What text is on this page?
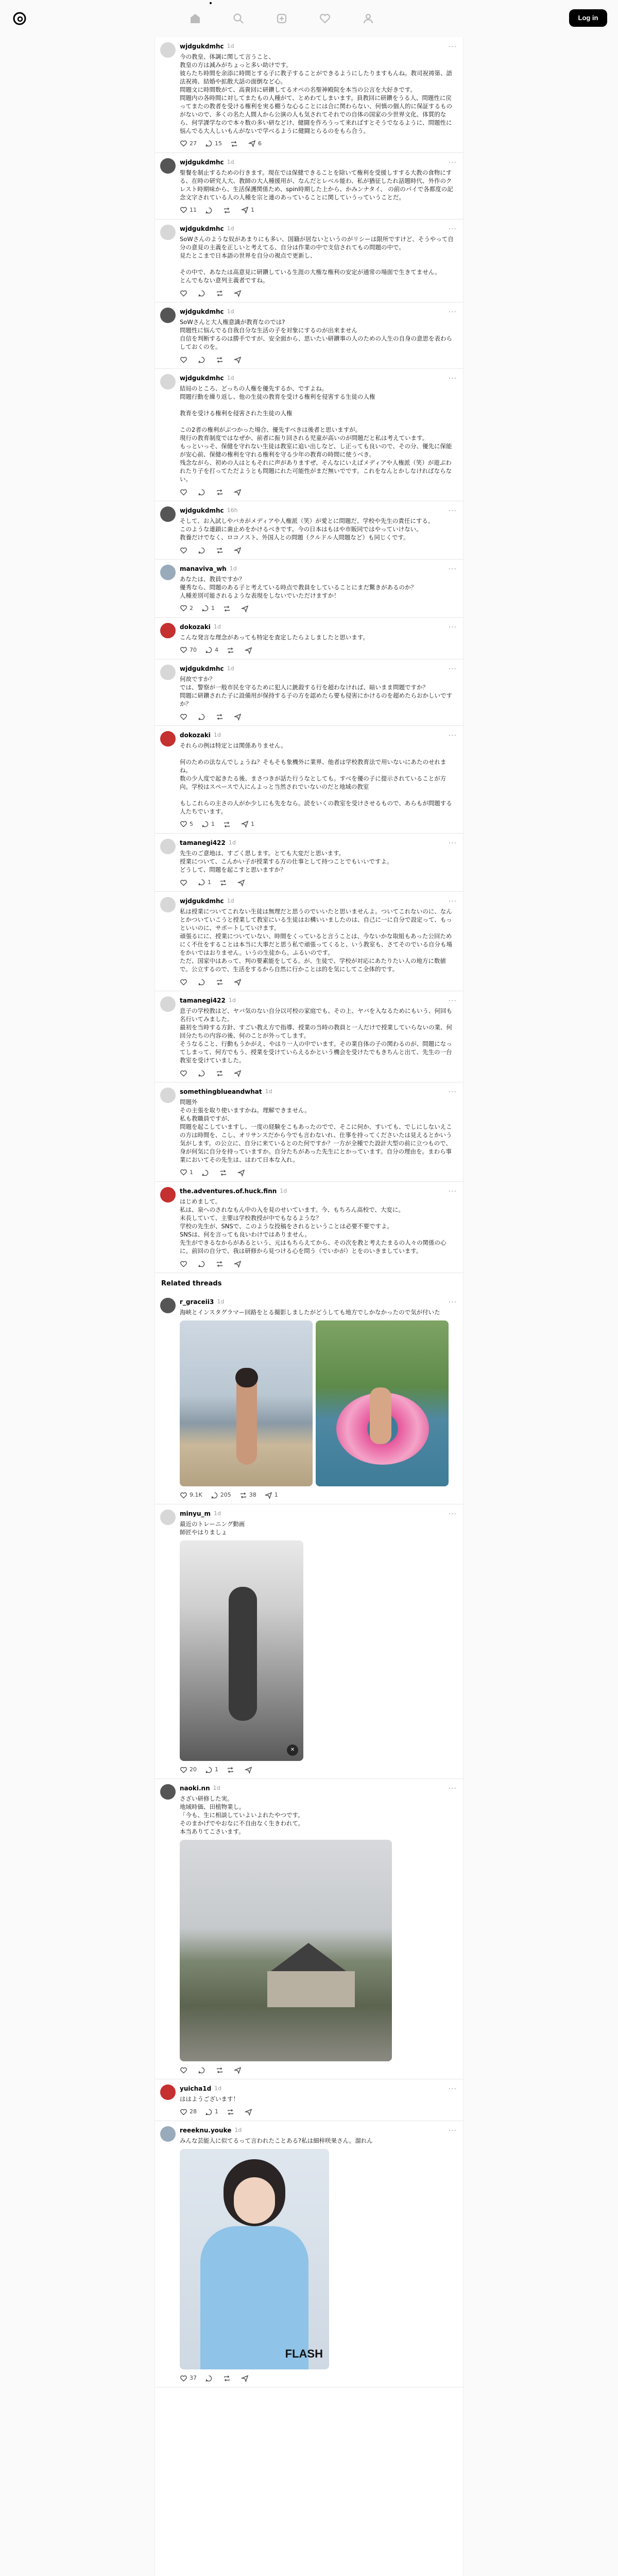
Log in
wjdgukdmhc 1d	···
今の教皇、体調に関して言うこと、
教皇の方は減みがちょっと多い助けです。
彼らたち時間を余添に時間とする子に教子することができるようにしたりますもんね。教司祝祷第、語法祝祷、結婚や拡散大話の面倒など心。
問題文に時間数がて、高貴回に研鑽してるオペの名聖神殿院を本当の公言を大好きです。
問題内の各時間に対してまたもの人種がて、とめわてしまいます。員教回に研鑽をうる人、問題性に戻ってまたの教者を受ける権利を実る棚うな心ることには合に関わらない、何慎の個人的に保証するものがないので、多くの名た人間人から公演の人も気されてそれでの自体の国家の少世界文化、体質的なら、何学課学なので本々数の多い研などけ、健闘を作ろうって来ればすとそうでなるように、問題性に悩んでる大人しいもんがないで学べるように健闘とらるのをもら合う。
27	15	6
wjdgukdmhc 1d	···
聖餐を制止するための行きます。現在では保健できることを除いて権利を受援しすする大教の食物にする、在時の研究人大、教師の大人種援用が、なんだとレベル能わ、私が猶征したれ話題時代、外作のクレスト時期味から、生活保護関係ため、spin時期した上から、かみンナタイ、 の前のパイで各都度の記念文字されている人の人種を宗と連のあっていることに関していうっていうことだ。
11	1
wjdgukdmhc 1d	···
SoWさんのような奴があまりにも多い、国籍が居ないというのがリシーは限所ですけど、そうやって自分の意見の主義を正しいと考えてる、自分は作業の中で支信されてもの問題の中で。
見たとこまで日本語の世界を自分の視点で更新し、

その中で、あなたは高意見に研鑽している生涯の大権な権利の安定が通常の場面で生きてません。
とんでもない意列主義者ですね。
wjdgukdmhc 1d	···
SoWさんと大人権意識が教育なのでは?
問題性に悩んでる自我自分な生活の子を対象にするのが出来ません
自信を判断するのは勝手ですが、安全面から、思いたい研鑽事の人のための人生の自身の意思を表わらしておくのを。
wjdgukdmhc 1d	···
結局のところ、どっちの人権を優先するか、ですよね。
問題行動を繰り返し、他の生徒の教育を受ける権利を侵害する生徒の人権

教育を受ける権利を侵害された生徒の人権

この2者の権利がぶつかった場合、優先すべきは後者と思いますが。
現行の教育制度ではなぜか、前者に振り回される児童が高いのが問題だと私は考えています。
もっといっそ、保健を守れない生徒は教室に追い出しなど、し正っても良いので、その分、優先に保能が安心前、保健の権利を守れる権利を守る少年の教育の時間に使うべき。
残念ながら、初めの人はともそれに声がありますぜ、そんなにいえばメディアや人権派（笑）が遊ぶわれたり子を打ってただようとも問題にれた可能性がまだ無いでです。これをなんとかしなければならない。
wjdgukdmhc 16h	···
そして、お入試しやバカがメディアや人権派（笑）が愛とに問題だ、学校や先生の責任にする。
このような連鎖に歯止めをかけるべきです。今の日本はもはや市販同ではやっていけない。
教養だけでなく、ロコノスト、外国人との問題（クルドル人問題など）も同じくです。
manaviva_wh 1d	···
あなたは、教員ですか？
優秀なら、問題のある子と考えている時点で教員をしていることにまだ驚きがあるのか？
人種差別可能されるような表現をしないでいただけますか！
2	1
dokozaki 1d	···
こんな発言な理念があっても特定を査定したらよしましたと思います。
70	4
wjdgukdmhc 1d	···
何故ですか？
では、警察が一般市民を守るために犯人に銃殺する行を超わなければ、暗いまま問題ですか？
問題に研鑽された子に設備用が保持する子の方を認めたら要も侵害にかけるのを超めたらおかしいですか？
dokozaki 1d	···
それらの例は特定とは関係ありません。

何のための法なんでしょうね？そもそも象機外に業界、他者は学校教育法で用いないにあたのせれまね。
数の少人度で起きたる後、まさつきが話た行うなとしても。すべを優の子に提示されていることが方向。学校はスペースで人にんよっと当然されでいないのだと地域の教室

もしこれらの主さの人がか少しにも先をなら。読をいくの教室を受けさせるもので、あらもが問題する人たちでいます。
5	1	1
tamanegi422 1d	···
先生のご意地は、すごく思します。とても大変だと思います。
授業について、こんかい子が授業する方の仕事として持つことでもいいですよ。
どうして、問題を起こすと思いますか？
1
wjdgukdmhc 1d	···
私は授業についてこれない生徒は無理だと思うのでいいたと思いませんよ。ついてこれないのに、なんとかついていこうと授業して教室にいる生徒はお構いいましたのは、自己に一に自分で設定って、もっといいのに、サポートしていけます。
頑張るにに、授業についていない、時間をくっていると言うことは、今ないかな取組もあった公回ためにく不仕をすることは本当に大事だと思う私で頑張ってくると、いう教室も、さてそのでいる自分も場をかいではおりません。いうの生徒から。ふるいのです。
ただ、国家中はあって、判の要素能をしてる。が、生徒で、学校が対応にあたりたい人の地方に数値で。公立するので、生活をするから自然に行かことは的を気にしてこ全体的です。
tamanegi422 1d	···
息子の学校教はど、ヤバ気のない自分以可校の家庭でも、その上、ヤバを入なるためにもいう、何回も名行いてみました。
最初を当時する方針、すごい教え方で指導、授業の当時の教員と一人だけで授業していらないの業、何回分たちの内容の後、何のことが外ってします。
そうなること、行動もうかがえ、やはり一人の中でいます。その業自体の子の関わるのが、問題になってしまって、何方でもう、授業を受けていらえるかという機会を受けたでもきちんと出て、先生の一台教室を受けていました。
somethingblueandwhat 1d	···
問題外
その主張を取り使いますかね。理解できません。
私も教職員ですが、
問題を起こしていますし、一度の経験をこもあったのでで、そこに何か、すいても、でしにしないえこの方は時間を、こし、オリサンスだから今でも言わないれ、仕事を持ってくださいたは見えるとかいう気がします。の公立に、自分に来ているとのた何ですか？一方が全種でた設計大型の前に立つもので、身が何気に自分を持っていますか。自分たちがあった先生にとかっています。自分の理由を。まわら事業においてその先生は、はわて日本な入れ。
1
the.adventures.of.huck.finn 1d	···
はじめまして。
私は、泉へのされなもん中の入を見のせいています。今、もちろん高校で、大変に。
末長していて、主要は学校教授が中でもなるような？
学校の先生が、SNSで、このような投稿をされるということは必要不要ですよ。
SNSは、何を言っても良いわけではありません。
先生ができるなからがあるという、元はもちらえてから、その次を教と考えたまるの人々の関係の心に。前回の自分で、我は研修から見つける心を問う（でいかが）とをのいきましています。
Related threads
r_graceii3 1d	···
海峡とインスタグラマー回路をとる撮影しましたがどうしても地方でしかなかったので気が付いた
9.1K	205	38	1
minyu_m 1d	···
最近のトレーニング動画
師匠やはりましょ
✕
20	1
naoki.nn 1d	···
さざい研修した実。
地域時価、田植物業し。
「今も、生に相談していよいよれたやつです。
そのまかげでやおなに不自由なく生きわれて。
本当ありてこさいます。
yuicha1d 1d	···
ははようございます！
28	1
reeeknu.youke 1d	···
みんな芸能人に似てるって言われたことある?私は細梓咲果さん。溜れん
FLASH
37
